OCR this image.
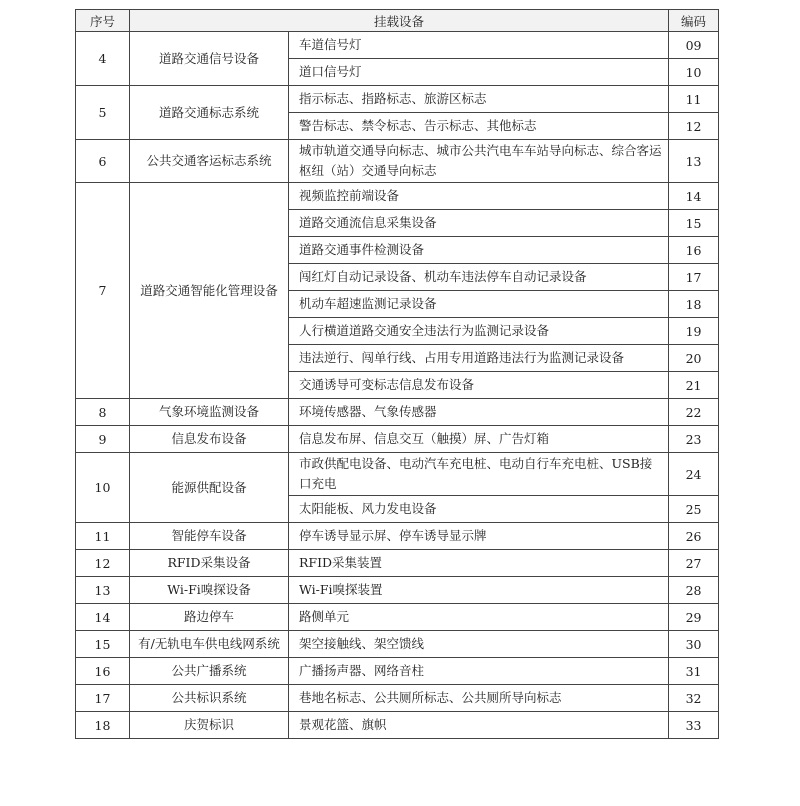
序号	挂载设备		编码
4	道路交通信号设备	车道信号灯	09
		道口信号灯	10
5	道路交通标志系统	指示标志、指路标志、旅游区标志	11
		警告标志、禁令标志、告示标志、其他标志	12
6	公共交通客运标志系统	城市轨道交通导向标志、城市公共汽电车车站导向标志、综合客运枢纽（站）交通导向标志	13
7	道路交通智能化管理设备	视频监控前端设备	14
		道路交通流信息采集设备	15
		道路交通事件检测设备	16
		闯红灯自动记录设备、机动车违法停车自动记录设备	17
		机动车超速监测记录设备	18
		人行横道道路交通安全违法行为监测记录设备	19
		违法逆行、闯单行线、占用专用道路违法行为监测记录设备	20
		交通诱导可变标志信息发布设备	21
8	气象环境监测设备	环境传感器、气象传感器	22
9	信息发布设备	信息发布屏、信息交互（触摸）屏、广告灯箱	23
10	能源供配设备	市政供配电设备、电动汽车充电桩、电动自行车充电桩、USB接口充电	24
		太阳能板、风力发电设备	25
11	智能停车设备	停车诱导显示屏、停车诱导显示牌	26
12	RFID采集设备	RFID采集装置	27
13	Wi-Fi嗅探设备	Wi-Fi嗅探装置	28
14	路边停车	路侧单元	29
15	有/无轨电车供电线网系统	架空接触线、架空馈线	30
16	公共广播系统	广播扬声器、网络音柱	31
17	公共标识系统	巷地名标志、公共厕所标志、公共厕所导向标志	32
18	庆贺标识	景观花篮、旗帜	33
